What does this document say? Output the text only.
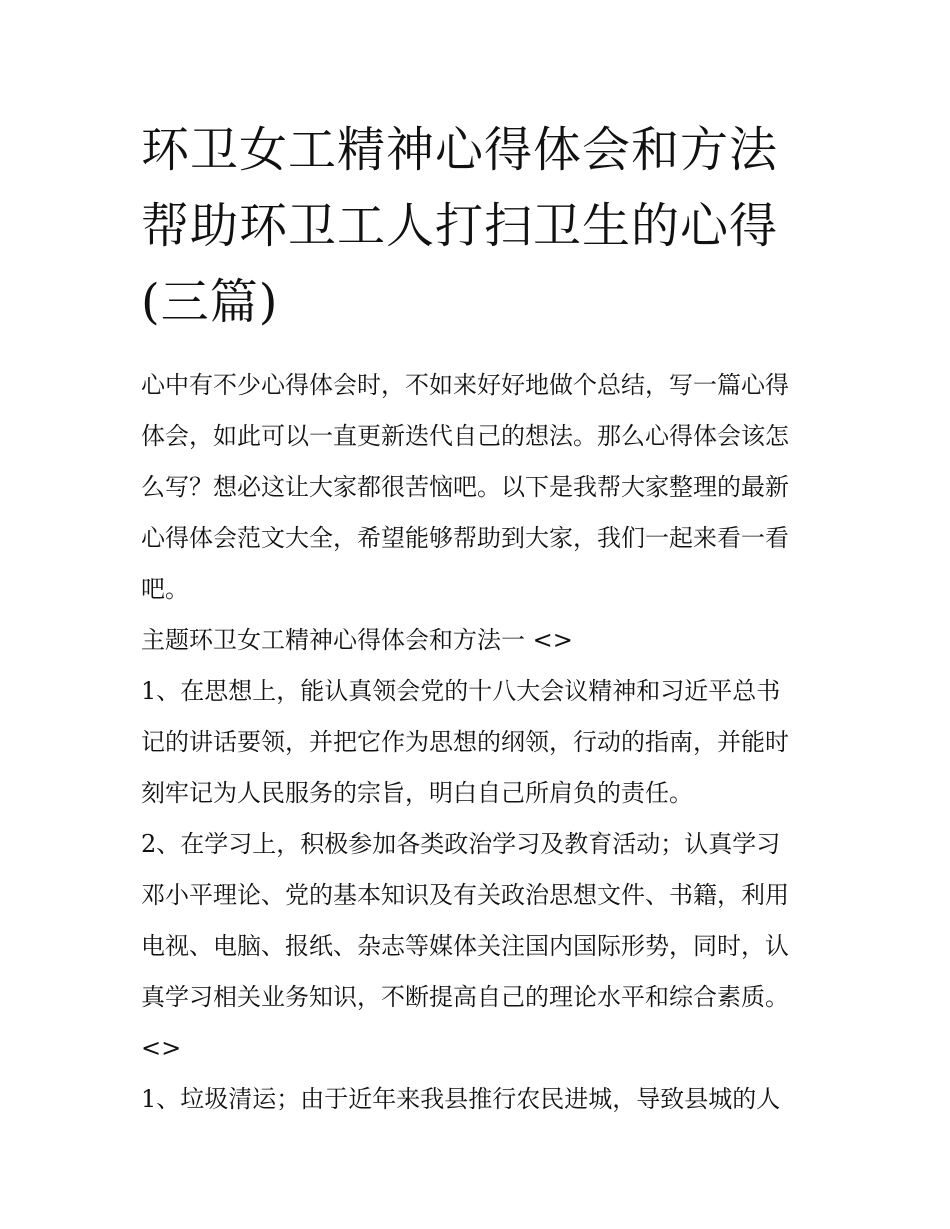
环卫女工精神心得体会和方法
帮助环卫工人打扫卫生的心得
(三篇)
心中有不少心得体会时，不如来好好地做个总结，写一篇心得
体会，如此可以一直更新迭代自己的想法。那么心得体会该怎
么写？想必这让大家都很苦恼吧。以下是我帮大家整理的最新
心得体会范文大全，希望能够帮助到大家，我们一起来看一看
吧。
主题环卫女工精神心得体会和方法一 <>
1、在思想上，能认真领会党的十八大会议精神和习近平总书
记的讲话要领，并把它作为思想的纲领，行动的指南，并能时
刻牢记为人民服务的宗旨，明白自己所肩负的责任。
2、在学习上，积极参加各类政治学习及教育活动；认真学习
邓小平理论、党的基本知识及有关政治思想文件、书籍，利用
电视、电脑、报纸、杂志等媒体关注国内国际形势，同时，认
真学习相关业务知识，不断提高自己的理论水平和综合素质。
<>
1、垃圾清运；由于近年来我县推行农民进城，导致县城的人
